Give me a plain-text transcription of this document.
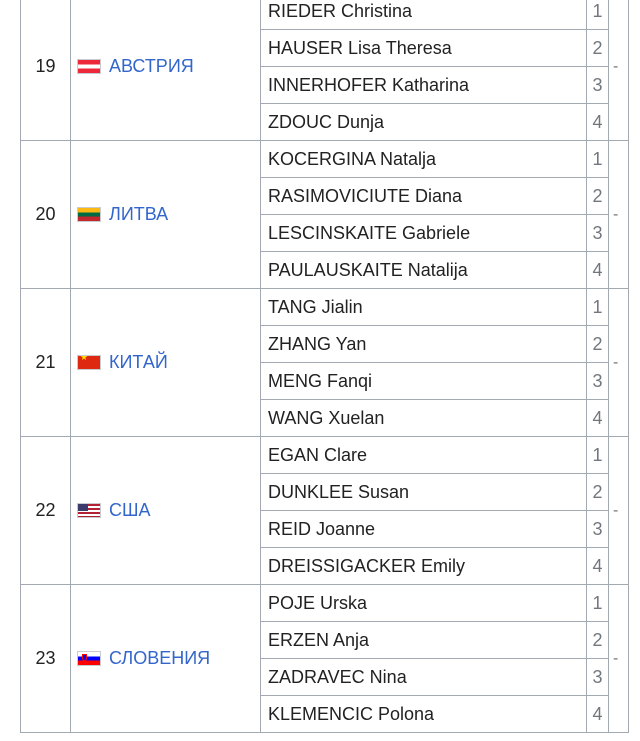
19	АВСТРИЯ	RIEDER Christina	1	-
		HAUSER Lisa Theresa	2	
		INNERHOFER Katharina	3	
		ZDOUC Dunja	4	
20	ЛИТВА	KOCERGINA Natalja	1	-
		RASIMOVICIUTE Diana	2	
		LESCINSKAITE Gabriele	3	
		PAULAUSKAITE Natalija	4	
21	★КИТАЙ	TANG Jialin	1	-
		ZHANG Yan	2	
		MENG Fanqi	3	
		WANG Xuelan	4	
22	США	EGAN Clare	1	-
		DUNKLEE Susan	2	
		REID Joanne	3	
		DREISSIGACKER Emily	4	
23	СЛОВЕНИЯ	POJE Urska	1	-
		ERZEN Anja	2	
		ZADRAVEC Nina	3	
		KLEMENCIC Polona	4	
